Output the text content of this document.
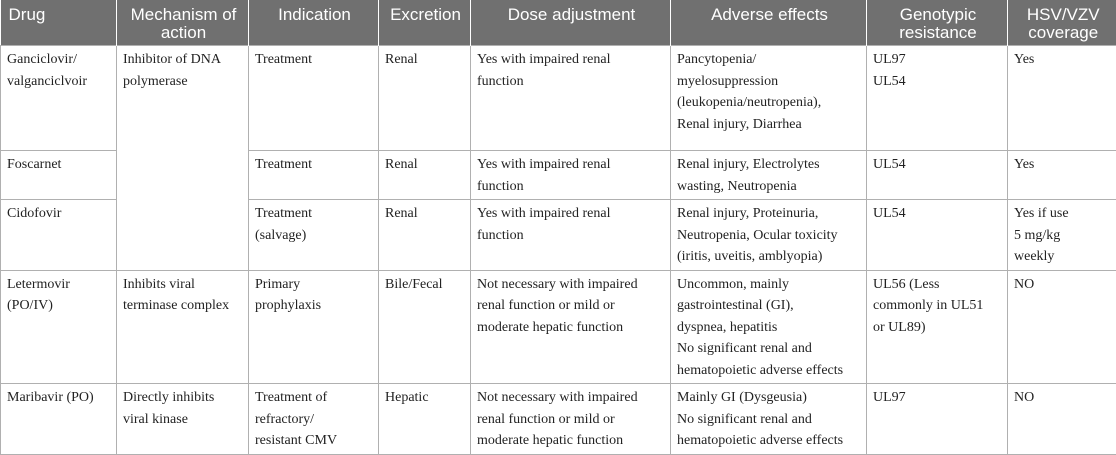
Drug	Mechanism of action	Indication	Excretion	Dose adjustment	Adverse effects	Genotypic resistance	HSV/VZV coverage
Ganciclovir/
valganciclvoir	Inhibitor of DNA
polymerase	Treatment	Renal	Yes with impaired renal
function	Pancytopenia/
myelosuppression
(leukopenia/neutropenia),
Renal injury, Diarrhea	UL97
UL54	Yes
Foscarnet		Treatment	Renal	Yes with impaired renal
function	Renal injury, Electrolytes
wasting, Neutropenia	UL54	Yes
Cidofovir		Treatment
(salvage)	Renal	Yes with impaired renal
function	Renal injury, Proteinuria,
Neutropenia, Ocular toxicity
(iritis, uveitis, amblyopia)	UL54	Yes if use
5 mg/kg
weekly
Letermovir
(PO/IV)	Inhibits viral
terminase complex	Primary
prophylaxis	Bile/Fecal	Not necessary with impaired
renal function or mild or
moderate hepatic function	Uncommon, mainly
gastrointestinal (GI),
dyspnea, hepatitis
No significant renal and
hematopoietic adverse effects	UL56 (Less
commonly in UL51
or UL89)	NO
Maribavir (PO)	Directly inhibits
viral kinase	Treatment of
refractory/
resistant CMV	Hepatic	Not necessary with impaired
renal function or mild or
moderate hepatic function	Mainly GI (Dysgeusia)
No significant renal and
hematopoietic adverse effects	UL97	NO
